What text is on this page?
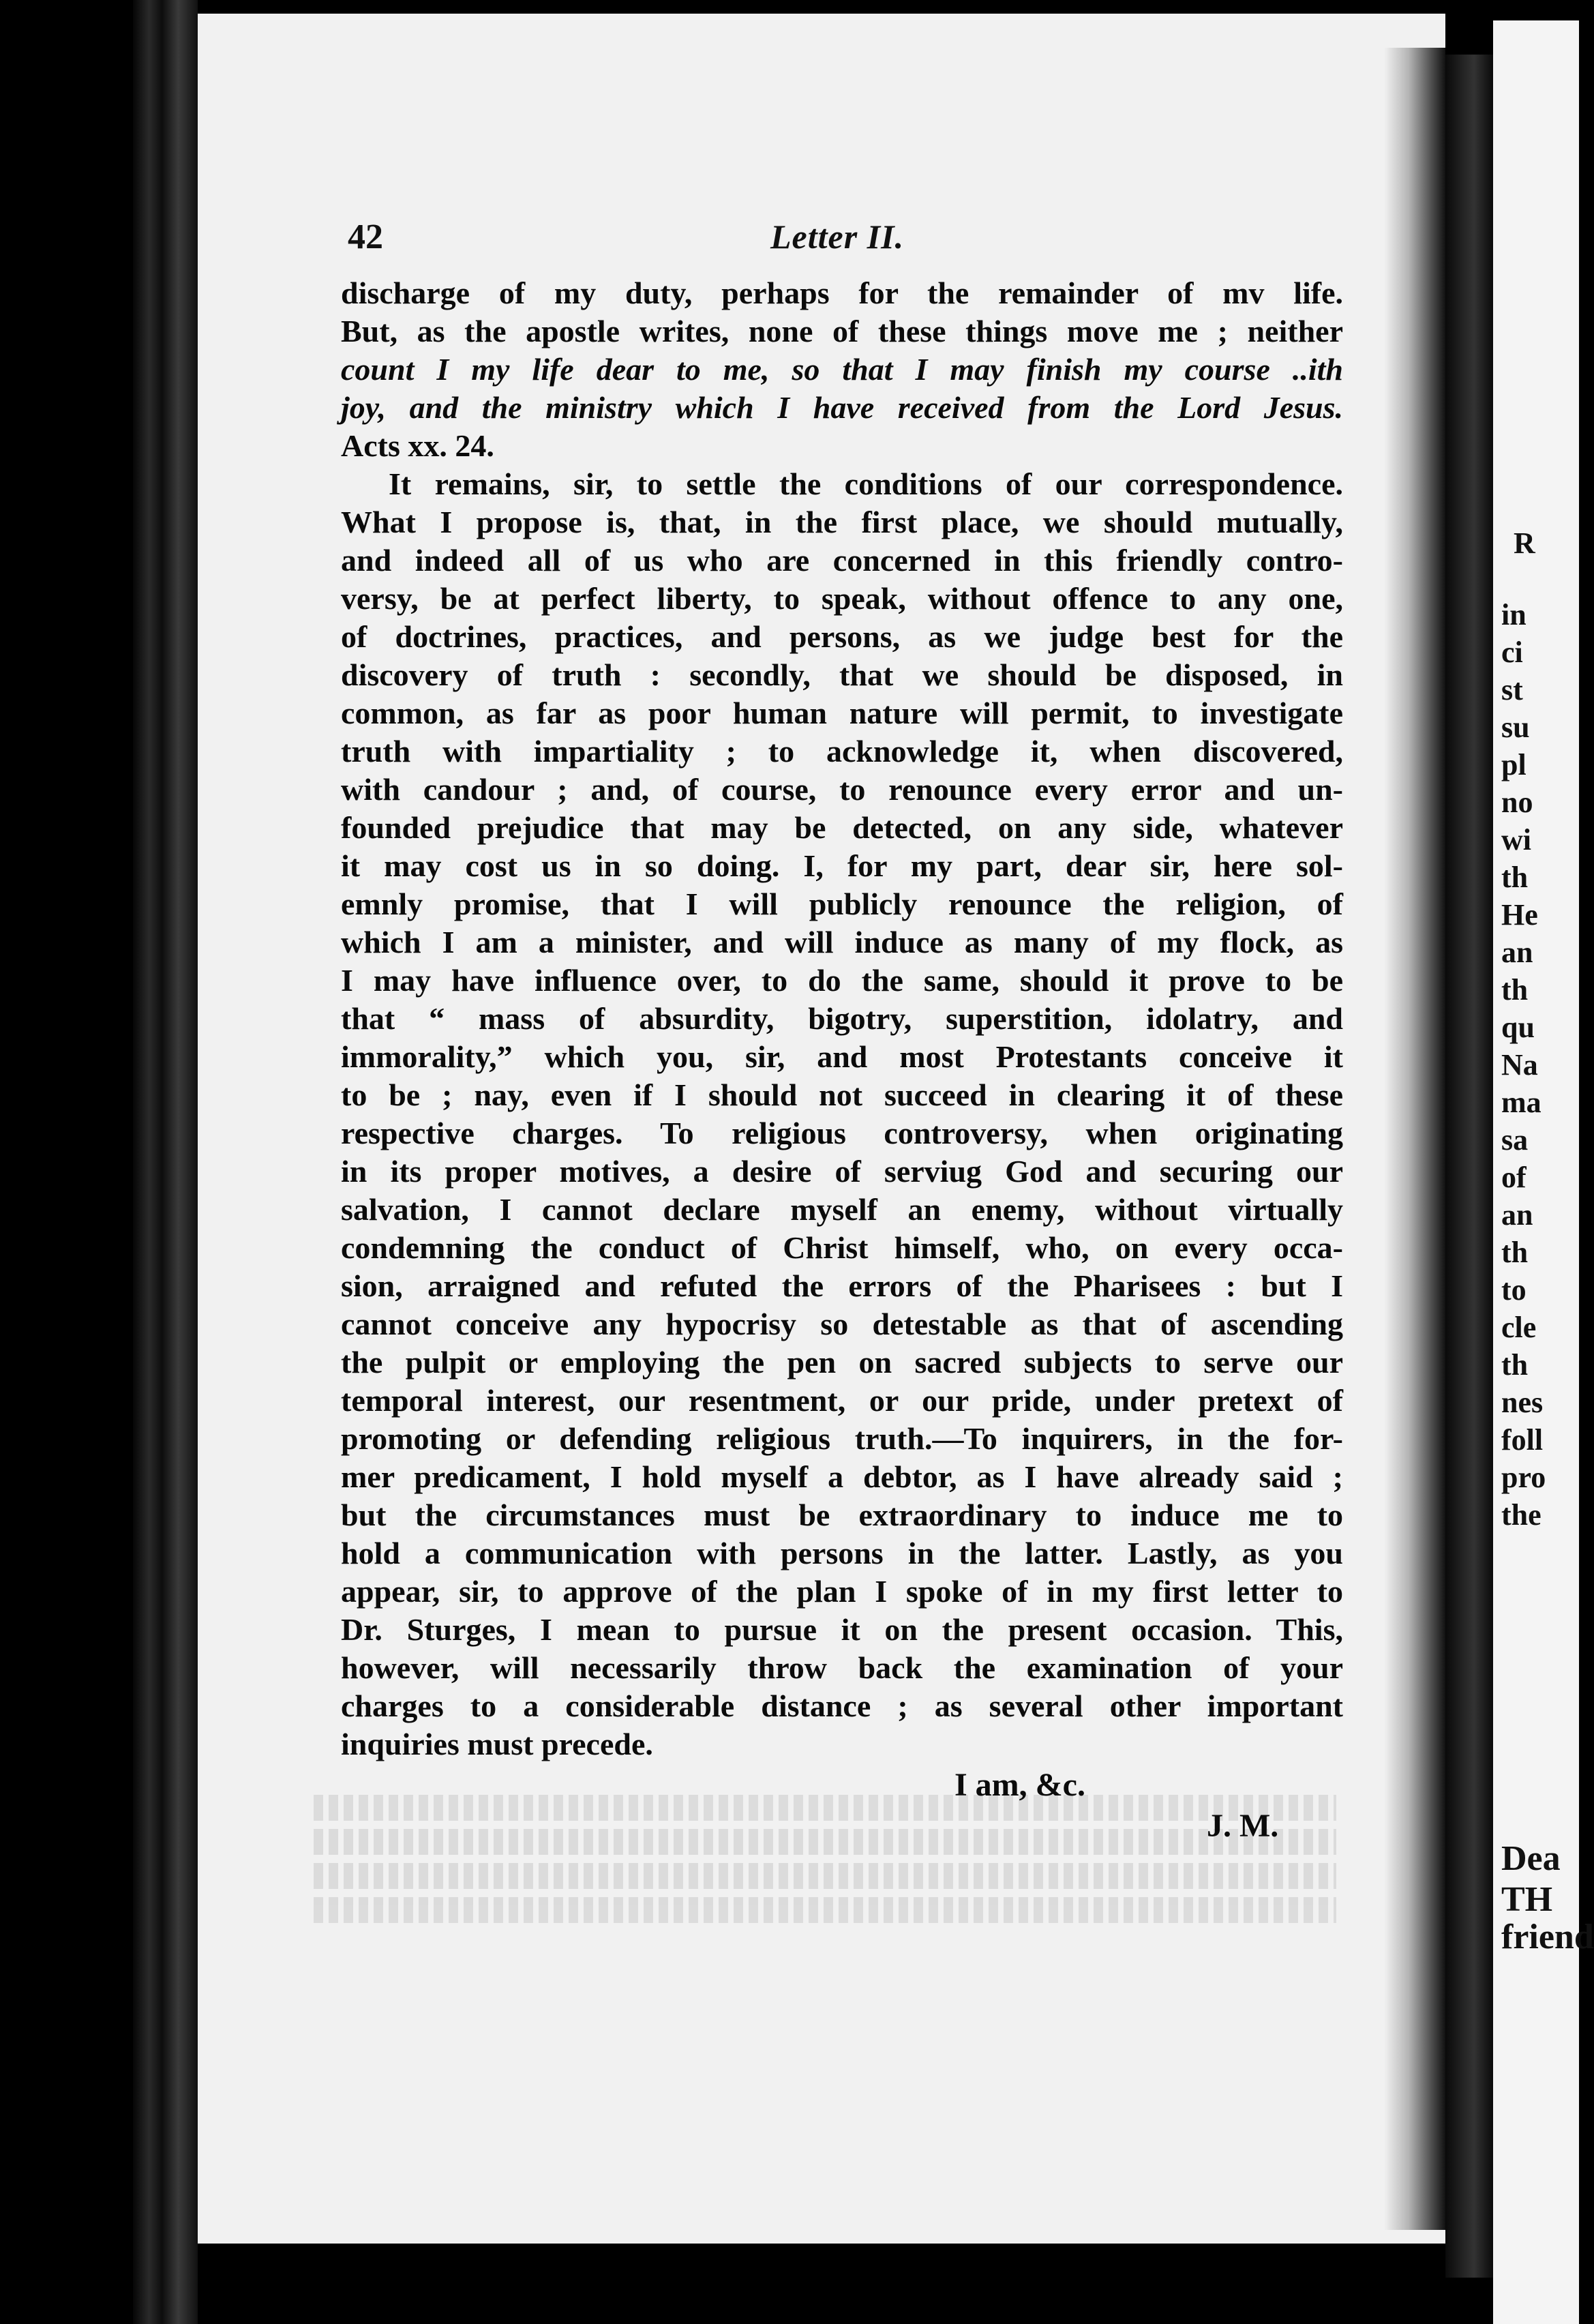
R
in
ci
st
su
pl
no
wi
th
He
an
th
qu
Na
ma
sa
of
an
th
to
cle
th
nes
foll
pro
the
Dea
TH
friend
42	Letter II.
discharge of my duty, perhaps for the remainder of mv life.
But, as the apostle writes, none of these things move me ; neither
count I my life dear to me, so that I may finish my course ..ith
joy, and the ministry which I have received from the Lord Jesus.
Acts xx. 24.
It remains, sir, to settle the conditions of our correspondence.
What I propose is, that, in the first place, we should mutually,
and indeed all of us who are concerned in this friendly contro-
versy, be at perfect liberty, to speak, without offence to any one,
of doctrines, practices, and persons, as we judge best for the
discovery of truth : secondly, that we should be disposed, in
common, as far as poor human nature will permit, to investigate
truth with impartiality ; to acknowledge it, when discovered,
with candour ; and, of course, to renounce every error and un-
founded prejudice that may be detected, on any side, whatever
it may cost us in so doing. I, for my part, dear sir, here sol-
emnly promise, that I will publicly renounce the religion, of
which I am a minister, and will induce as many of my flock, as
I may have influence over, to do the same, should it prove to be
that “ mass of absurdity, bigotry, superstition, idolatry, and
immorality,” which you, sir, and most Protestants conceive it
to be ; nay, even if I should not succeed in clearing it of these
respective charges. To religious controversy, when originating
in its proper motives, a desire of serviug God and securing our
salvation, I cannot declare myself an enemy, without virtually
condemning the conduct of Christ himself, who, on every occa-
sion, arraigned and refuted the errors of the Pharisees : but I
cannot conceive any hypocrisy so detestable as that of ascending
the pulpit or employing the pen on sacred subjects to serve our
temporal interest, our resentment, or our pride, under pretext of
promoting or defending religious truth.—To inquirers, in the for-
mer predicament, I hold myself a debtor, as I have already said ;
but the circumstances must be extraordinary to induce me to
hold a communication with persons in the latter. Lastly, as you
appear, sir, to approve of the plan I spoke of in my first letter to
Dr. Sturges, I mean to pursue it on the present occasion. This,
however, will necessarily throw back the examination of your
charges to a considerable distance ; as several other important
inquiries must precede.
I am, &c.
J. M.
